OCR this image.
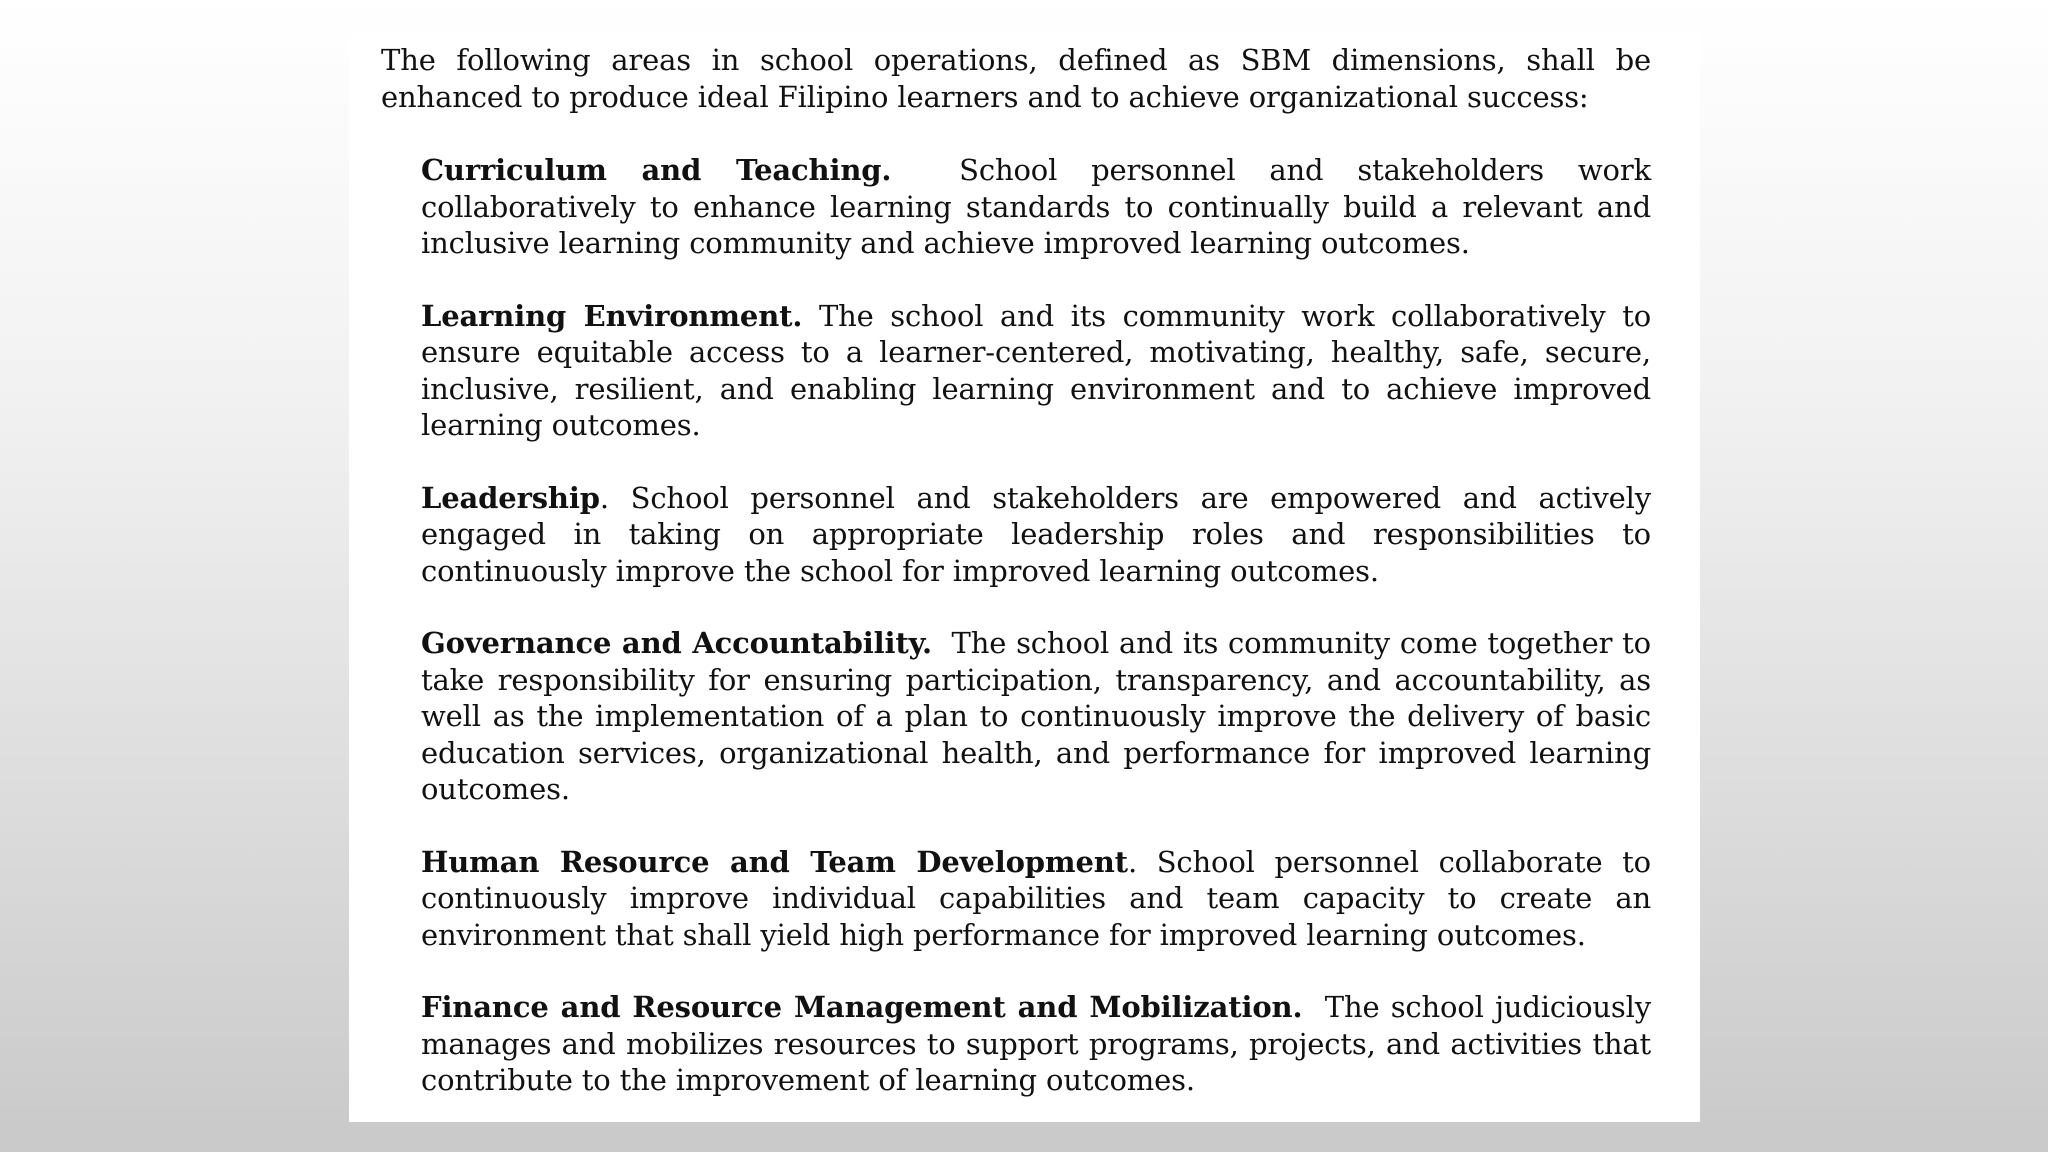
The following areas in school operations, defined as SBM dimensions, shall be enhanced to produce ideal Filipino learners and to achieve organizational success:

Curriculum and Teaching. School personnel and stakeholders work collaboratively to enhance learning standards to continually build a relevant and inclusive learning community and achieve improved learning outcomes.
Learning Environment. The school and its community work collaboratively to ensure equitable access to a learner-centered, motivating, healthy, safe, secure, inclusive, resilient, and enabling learning environment and to achieve improved learning outcomes.
Leadership. School personnel and stakeholders are empowered and actively engaged in taking on appropriate leadership roles and responsibilities to continuously improve the school for improved learning outcomes.
Governance and Accountability. The school and its community come together to take responsibility for ensuring participation, transparency, and accountability, as well as the implementation of a plan to continuously improve the delivery of basic education services, organizational health, and performance for improved learning outcomes.
Human Resource and Team Development. School personnel collaborate to continuously improve individual capabilities and team capacity to create an environment that shall yield high performance for improved learning outcomes.
Finance and Resource Management and Mobilization. The school judiciously manages and mobilizes resources to support programs, projects, and activities that contribute to the improvement of learning outcomes.
